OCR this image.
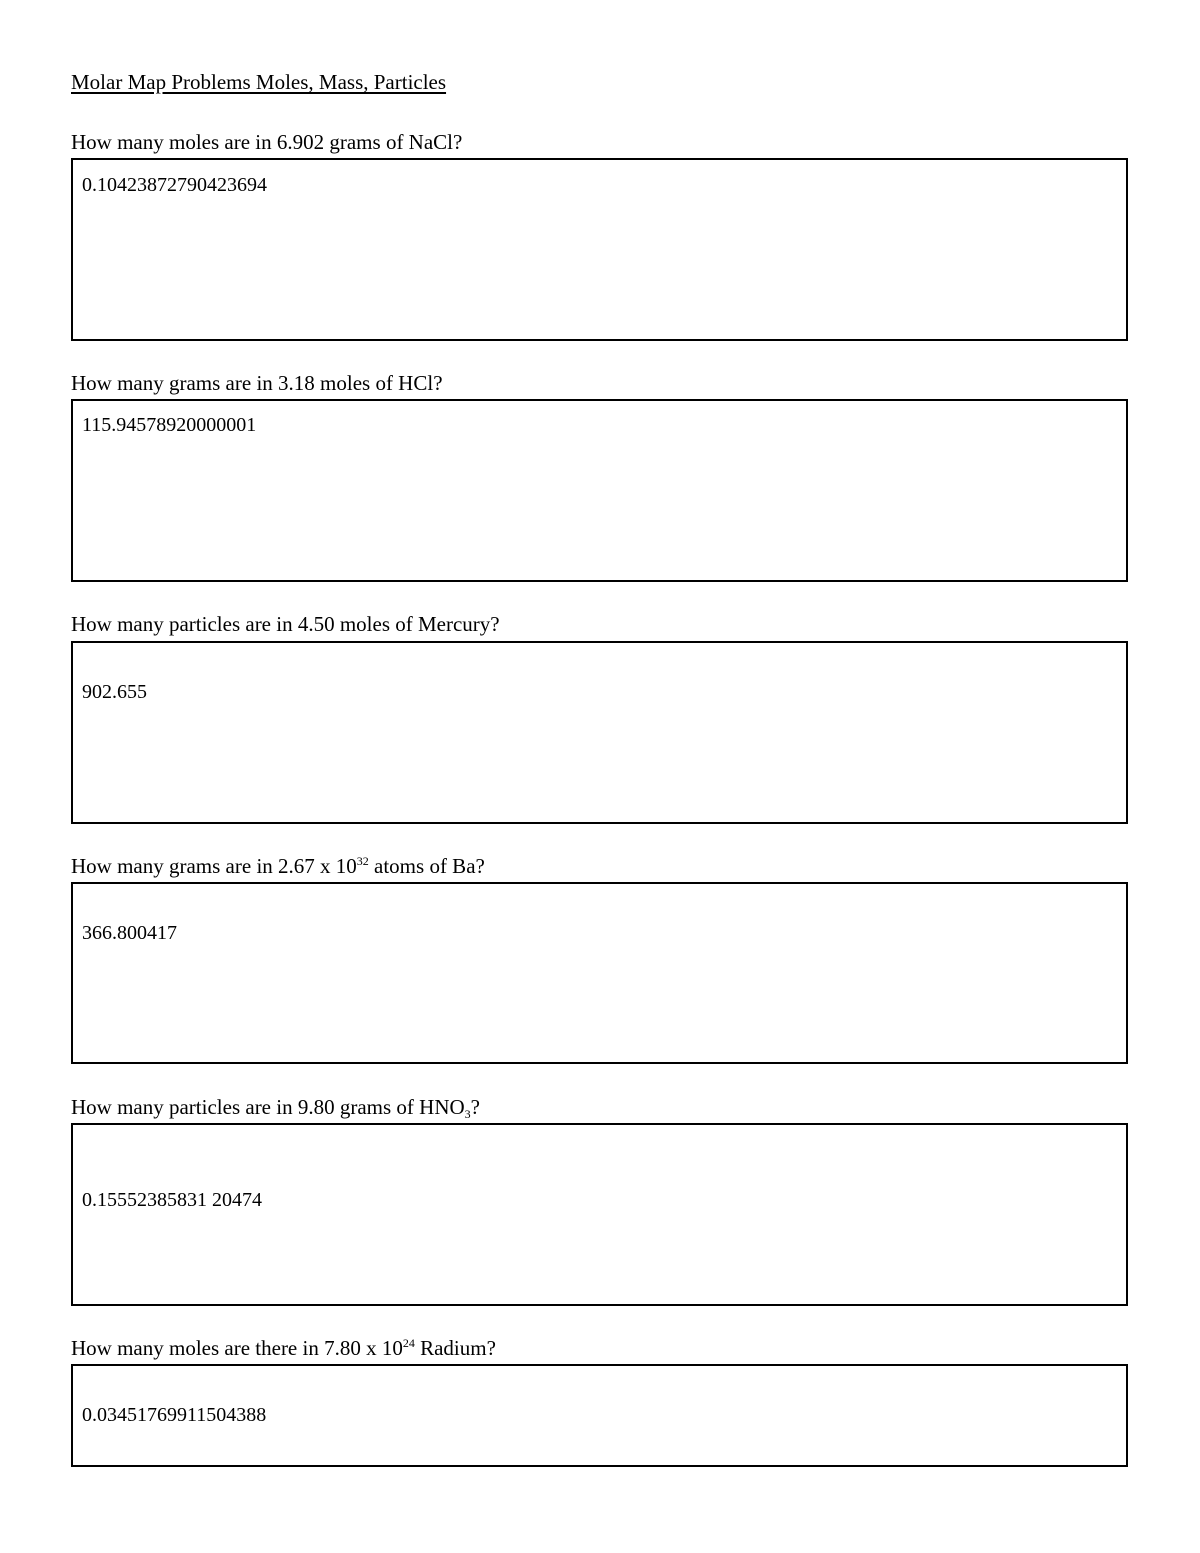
Molar Map Problems Moles, Mass, Particles
How many moles are in 6.902 grams of NaCl?
0.10423872790423694
How many grams are in 3.18 moles of HCl?
115.94578920000001
How many particles are in 4.50 moles of Mercury?
902.655
How many grams are in 2.67 x $10^{32}$ atoms of Ba?
366.800417
How many particles are in 9.80 grams of $HNO_3$?
0.15552385831 20474
How many moles are there in 7.80 x $10^{24}$ Radium?
0.03451769911504388
